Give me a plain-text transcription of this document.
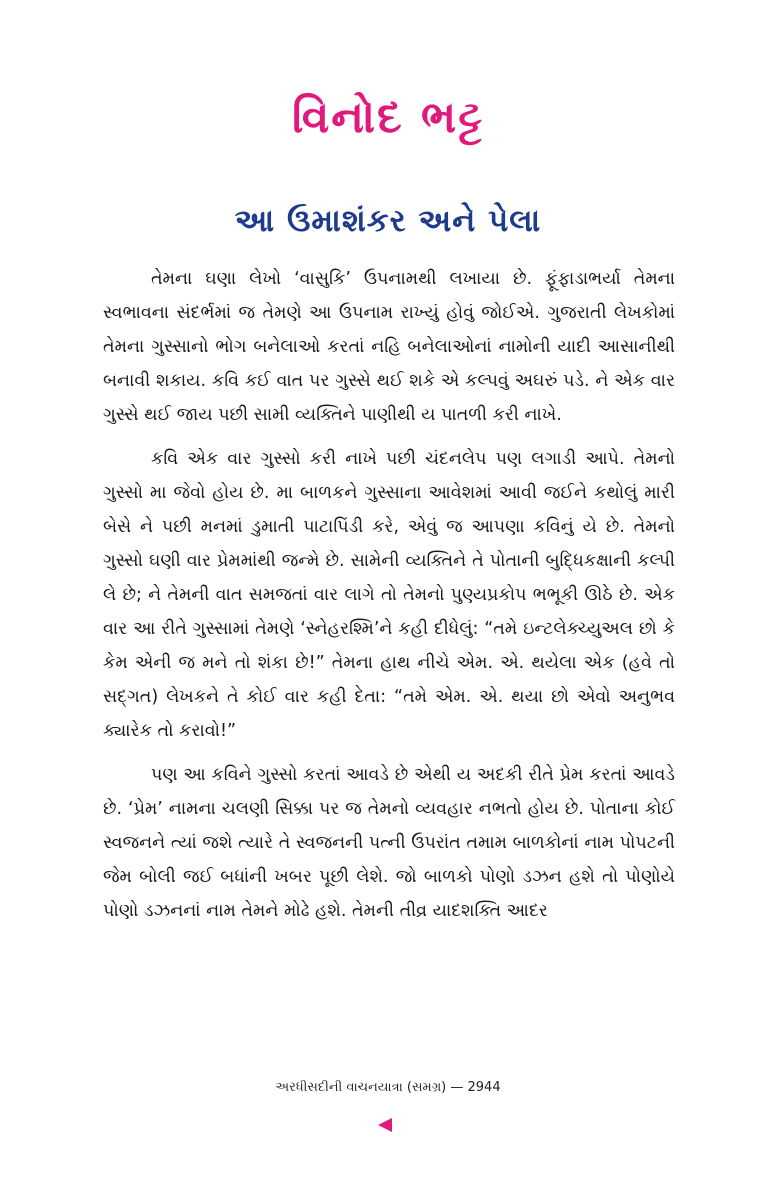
વિનોદ ભટ્ટ
આ ઉમાશંકર અને પેલા

તેમના ઘણા લેખો ‘વાસુકિ’ ઉપનામથી લખાયા છે. ફૂંફાડાભર્યા તેમના સ્વભાવના સંદર્ભમાં જ તેમણે આ ઉપનામ રાખ્યું હોવું જોઈએ. ગુજરાતી લેખકોમાં તેમના ગુસ્સાનો ભોગ બનેલાઓ કરતાં નહિ બનેલાઓનાં નામોની યાદી આસાનીથી બનાવી શકાય. કવિ કઈ વાત પર ગુસ્સે થઈ શકે એ કલ્પવું અઘરું પડે. ને એક વાર ગુસ્સે થઈ જાય પછી સામી વ્યક્તિને પાણીથી ય પાતળી કરી નાખે.

કવિ એક વાર ગુસ્સો કરી નાખે પછી ચંદનલેપ પણ લગાડી આપે. તેમનો ગુસ્સો મા જેવો હોય છે. મા બાળકને ગુસ્સાના આવેશમાં આવી જઈને કથોલું મારી બેસે ને પછી મનમાં ડુમાતી પાટાપિંડી કરે, એવું જ આપણા કવિનું યે છે. તેમનો ગુસ્સો ઘણી વાર પ્રેમમાંથી જન્મે છે. સામેની વ્યક્તિને તે પોતાની બુદ્ધિકક્ષાની કલ્પી લે છે; ને તેમની વાત સમજતાં વાર લાગે તો તેમનો પુણ્યપ્રકોપ ભભૂકી ઊઠે છે. એક વાર આ રીતે ગુસ્સામાં તેમણે ‘સ્નેહરશ્મિ’ને કહી દીધેલું: “તમે ઇન્ટલેક્ચ્યુઅલ છો કે કેમ એની જ મને તો શંકા છે!” તેમના હાથ નીચે એમ. એ. થયેલા એક (હવે તો સદ્ગત) લેખકને તે કોઈ વાર કહી દેતા: “તમે એમ. એ. થયા છો એવો અનુભવ ક્યારેક તો કરાવો!”

પણ આ કવિને ગુસ્સો કરતાં આવડે છે એથી ય અદકી રીતે પ્રેમ કરતાં આવડે છે. ‘પ્રેમ’ નામના ચલણી સિક્કા પર જ તેમનો વ્યવહાર નભતો હોય છે. પોતાના કોઈ સ્વજનને ત્યાં જશે ત્યારે તે સ્વજનની પત્ની ઉપરાંત તમામ બાળકોનાં નામ પોપટની જેમ બોલી જઈ બધાંની ખબર પૂછી લેશે. જો બાળકો પોણો ડઝન હશે તો પોણોયે પોણો ડઝનનાં નામ તેમને મોઢે હશે. તેમની તીવ્ર યાદશક્તિ આદર

અરધીસદીની વાચનયાત્રા (સમગ્ર) — 2944
